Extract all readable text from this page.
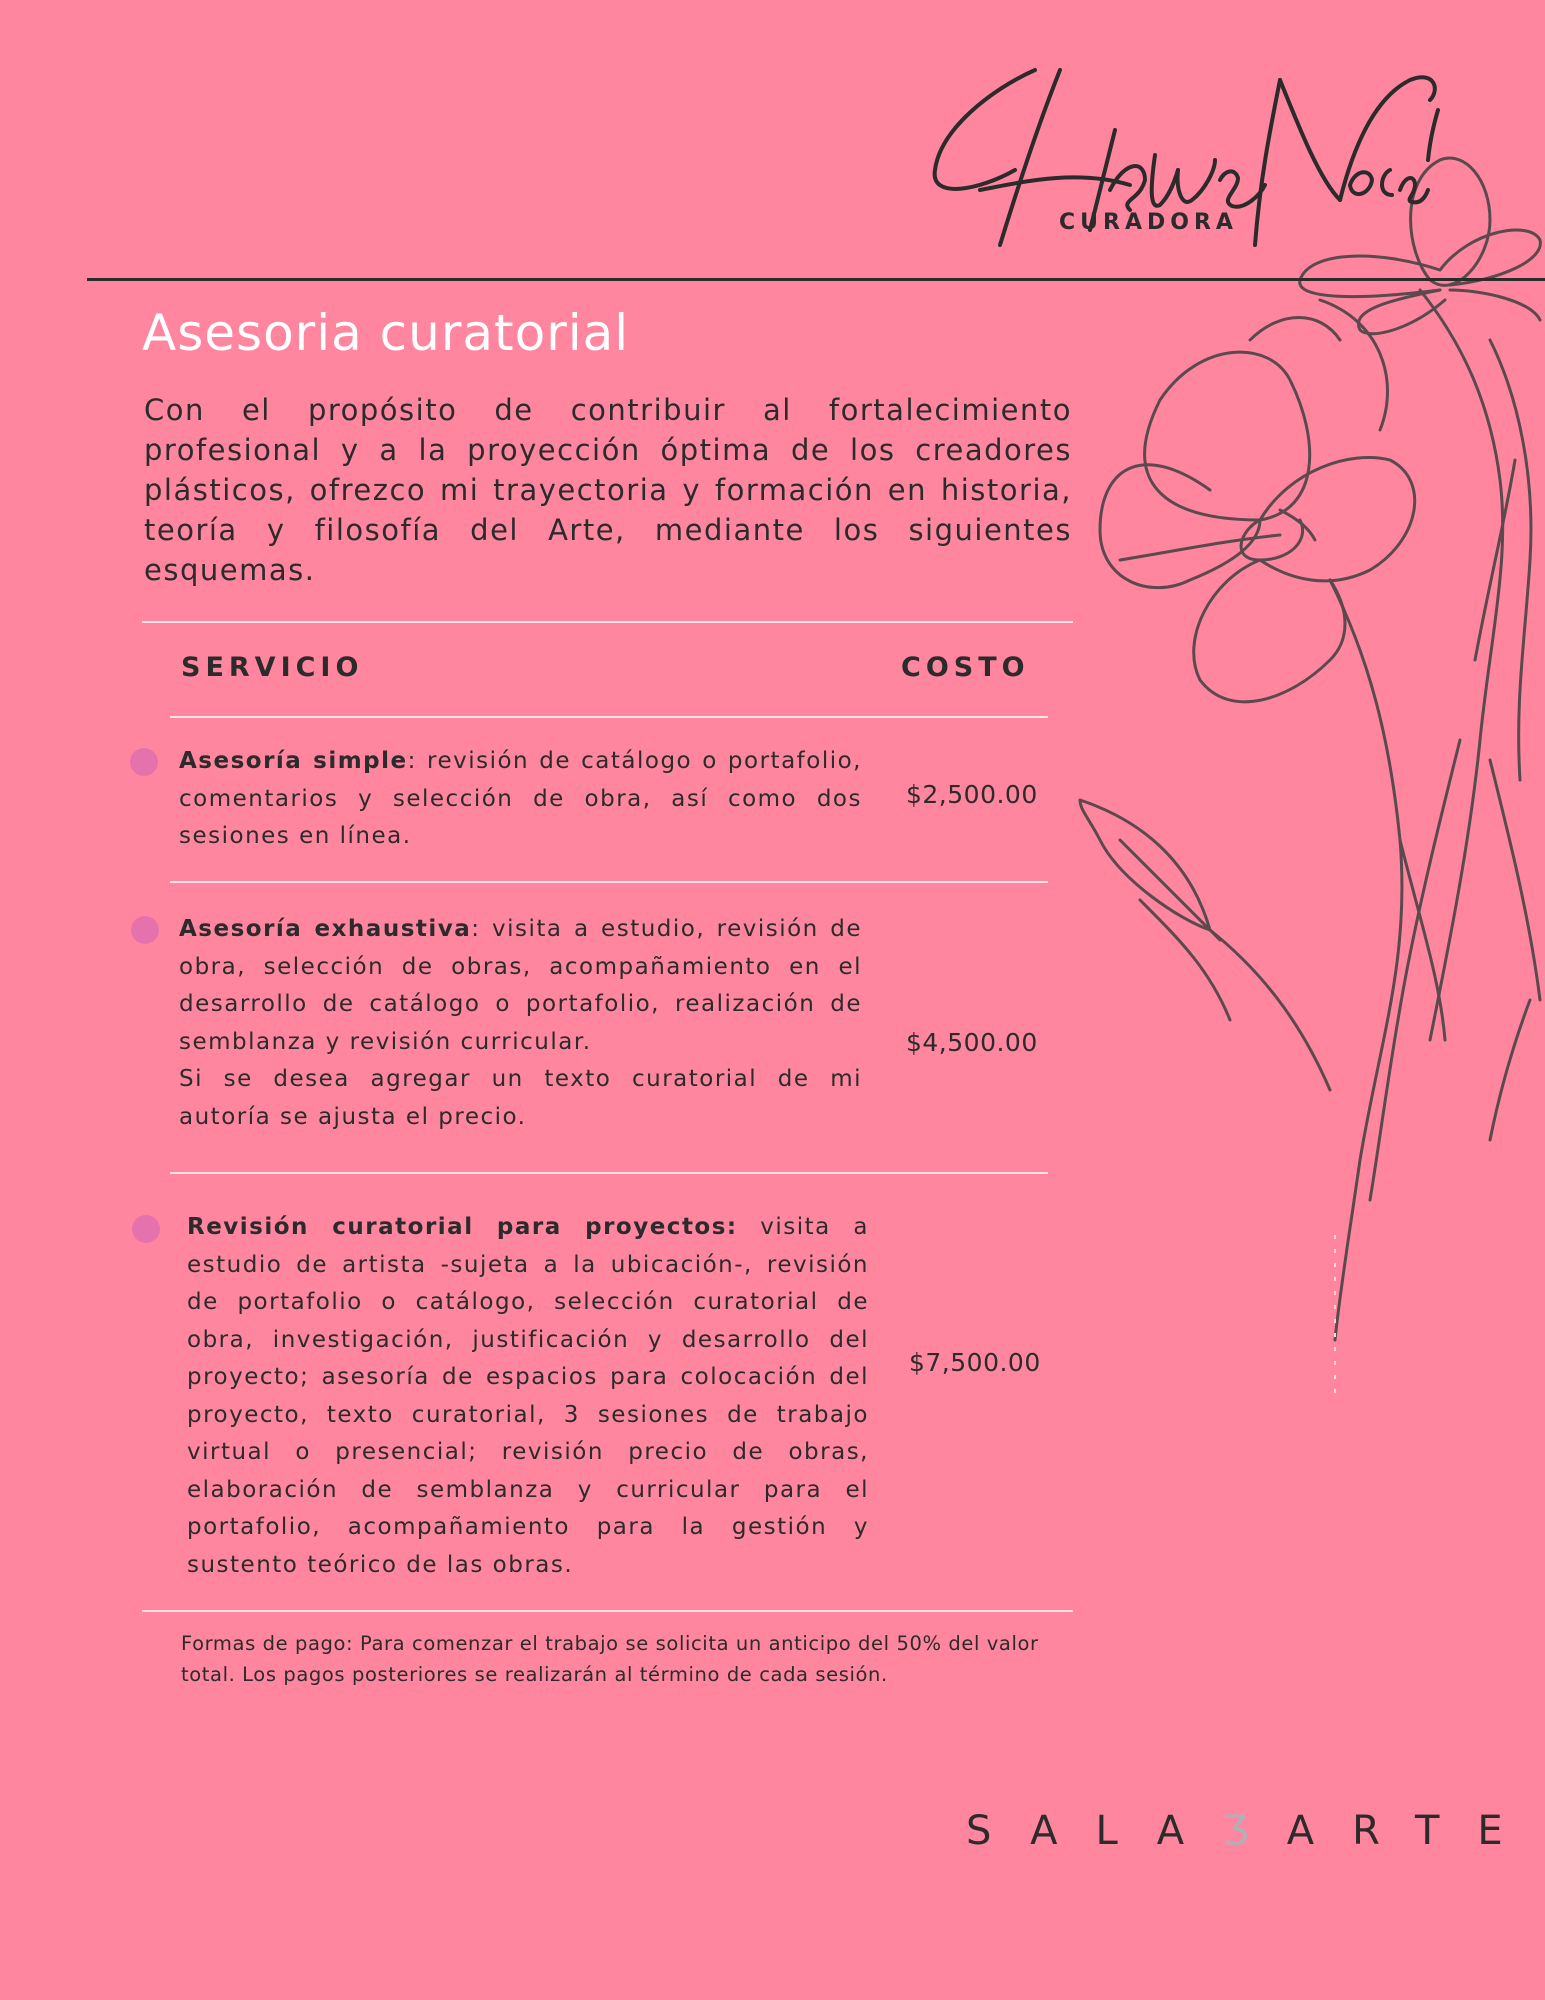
CURADORA
Asesoria curatorial

Con el propósito de contribuir al fortalecimiento profesional y a la proyección óptima de los creadores plásticos, ofrezco mi trayectoria y formación en historia, teoría y filosofía del Arte, mediante los siguientes esquemas.

SERVICIO	COSTO

Asesoría simple: revisión de catálogo o portafolio, comentarios y selección de obra, así como dos sesiones en línea.

$2,500.00

Asesoría exhaustiva: visita a estudio, revisión de obra, selección de obras, acompañamiento en el desarrollo de catálogo o portafolio, realización de semblanza y revisión curricular.

Si se desea agregar un texto curatorial de mi autoría se ajusta el precio.

$4,500.00

Revisión curatorial para proyectos: visita a estudio de artista -sujeta a la ubicación-, revisión de portafolio o catálogo, selección curatorial de obra, investigación, justificación y desarrollo del proyecto; asesoría de espacios para colocación del proyecto, texto curatorial, 3 sesiones de trabajo virtual o presencial; revisión precio de obras, elaboración de semblanza y curricular para el portafolio, acompañamiento para la gestión y sustento teórico de las obras.

$7,500.00

Formas de pago: Para comenzar el trabajo se solicita un anticipo del 50% del valor total. Los pagos posteriores se realizarán al término de cada sesión.

SALAƷARTE
